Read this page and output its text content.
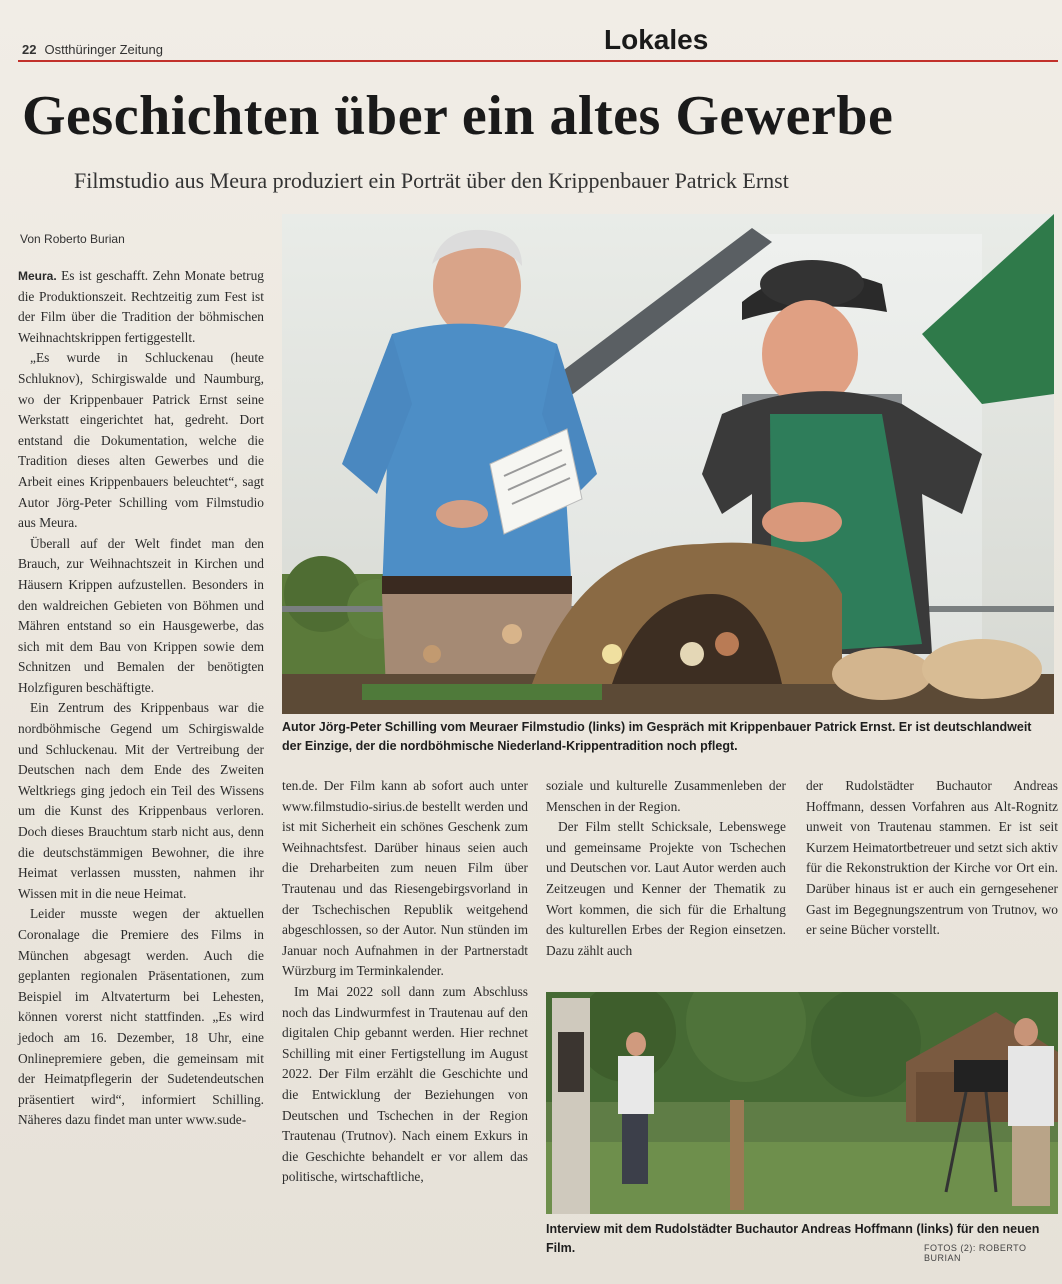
22 Ostthüringer Zeitung	Lokales
Geschichten über ein altes Gewerbe
Filmstudio aus Meura produziert ein Porträt über den Krippenbauer Patrick Ernst
Von Roberto Burian
Autor Jörg-Peter Schilling vom Meuraer Filmstudio (links) im Gespräch mit Krippenbauer Patrick Ernst. Er ist deutschlandweit der Einzige, der die nordböhmische Niederland-Krippentradition noch pflegt.

Meura. Es ist geschafft. Zehn Monate betrug die Produktionszeit. Rechtzeitig zum Fest ist der Film über die Tradition der böhmischen Weihnachtskrippen fertiggestellt.

„Es wurde in Schluckenau (heute Schluknov), Schirgiswalde und Naumburg, wo der Krippenbauer Patrick Ernst seine Werkstatt eingerichtet hat, gedreht. Dort entstand die Dokumentation, welche die Tradition dieses alten Gewerbes und die Arbeit eines Krippenbauers beleuchtet“, sagt Autor Jörg-Peter Schilling vom Filmstudio aus Meura.

Überall auf der Welt findet man den Brauch, zur Weihnachtszeit in Kirchen und Häusern Krippen aufzustellen. Besonders in den waldreichen Gebieten von Böhmen und Mähren entstand so ein Hausgewerbe, das sich mit dem Bau von Krippen sowie dem Schnitzen und Bemalen der benötigten Holzfiguren beschäftigte.

Ein Zentrum des Krippenbaus war die nordböhmische Gegend um Schirgiswalde und Schluckenau. Mit der Vertreibung der Deutschen nach dem Ende des Zweiten Weltkriegs ging jedoch ein Teil des Wissens um die Kunst des Krippenbaus verloren. Doch dieses Brauchtum starb nicht aus, denn die deutschstämmigen Bewohner, die ihre Heimat verlassen mussten, nahmen ihr Wissen mit in die neue Heimat.

Leider musste wegen der aktuellen Coronalage die Premiere des Films in München abgesagt werden. Auch die geplanten regionalen Präsentationen, zum Beispiel im Altvaterturm bei Lehesten, können vorerst nicht stattfinden. „Es wird jedoch am 16. Dezember, 18 Uhr, eine Onlinepremiere geben, die gemeinsam mit der Heimatpflegerin der Sudetendeutschen präsentiert wird“, informiert Schilling. Näheres dazu findet man unter www.sude-

ten.de. Der Film kann ab sofort auch unter www.filmstudio-sirius.de bestellt werden und ist mit Sicherheit ein schönes Geschenk zum Weihnachtsfest. Darüber hinaus seien auch die Dreharbeiten zum neuen Film über Trautenau und das Riesengebirgsvorland in der Tschechischen Republik weitgehend abgeschlossen, so der Autor. Nun stünden im Januar noch Aufnahmen in der Partnerstadt Würzburg im Terminkalender.

Im Mai 2022 soll dann zum Abschluss noch das Lindwurmfest in Trautenau auf den digitalen Chip gebannt werden. Hier rechnet Schilling mit einer Fertigstellung im August 2022. Der Film erzählt die Geschichte und die Entwicklung der Beziehungen von Deutschen und Tschechen in der Region Trautenau (Trutnov). Nach einem Exkurs in die Geschichte behandelt er vor allem das politische, wirtschaftliche,

soziale und kulturelle Zusammenleben der Menschen in der Region.

Der Film stellt Schicksale, Lebenswege und gemeinsame Projekte von Tschechen und Deutschen vor. Laut Autor werden auch Zeitzeugen und Kenner der Thematik zu Wort kommen, die sich für die Erhaltung des kulturellen Erbes der Region einsetzen. Dazu zählt auch

der Rudolstädter Buchautor Andreas Hoffmann, dessen Vorfahren aus Alt-Rognitz unweit von Trautenau stammen. Er ist seit Kurzem Heimatortbetreuer und setzt sich aktiv für die Rekonstruktion der Kirche vor Ort ein. Darüber hinaus ist er auch ein gerngesehener Gast im Begegnungszentrum von Trutnov, wo er seine Bücher vorstellt.

Interview mit dem Rudolstädter Buchautor Andreas Hoffmann (links) für den neuen Film.	FOTOS (2): ROBERTO BURIAN
